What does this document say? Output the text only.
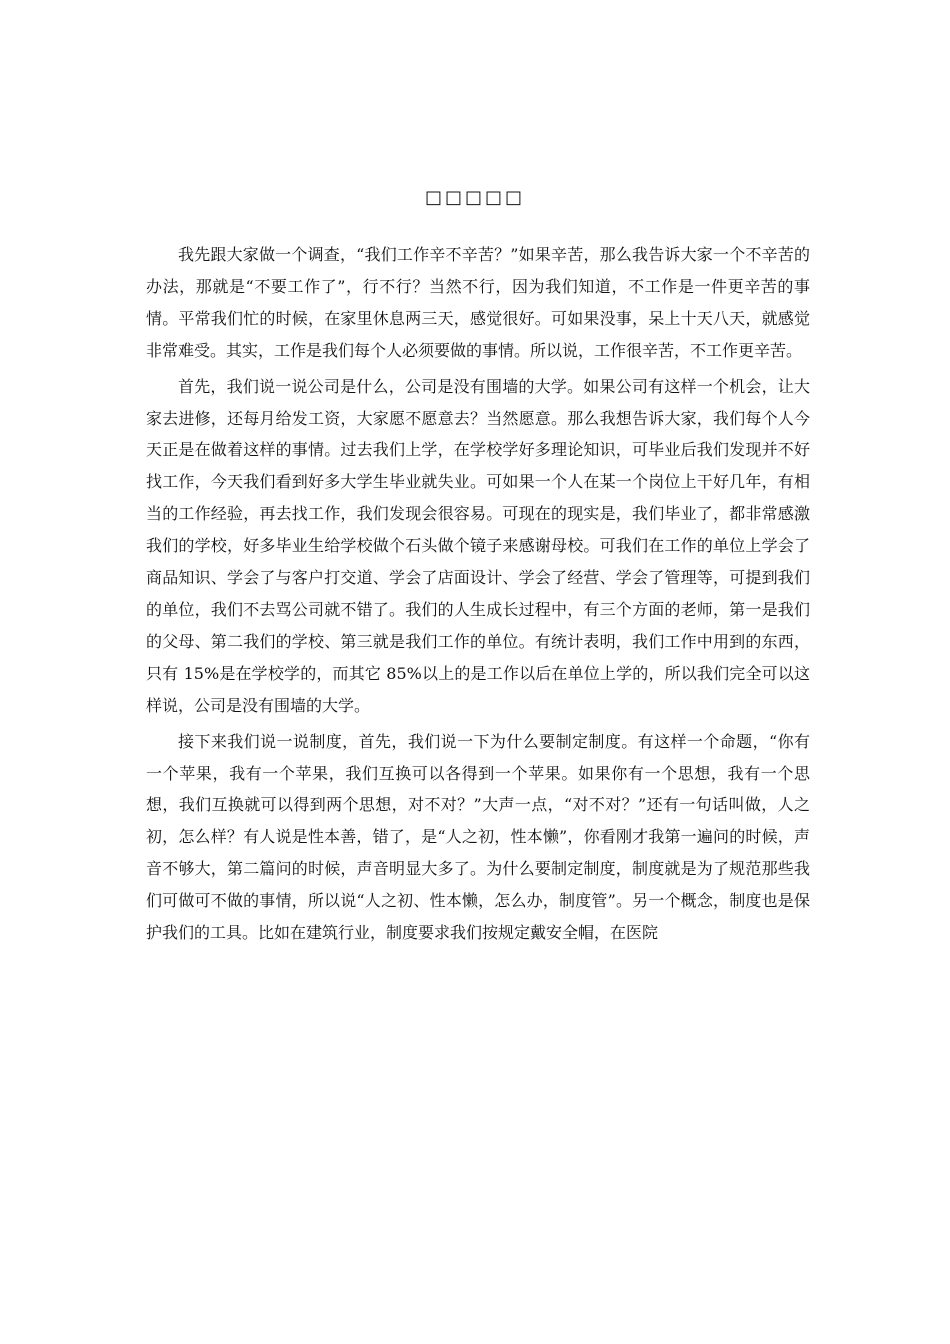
□□□□□

我先跟大家做一个调查，“我们工作辛不辛苦？”如果辛苦，那么我告诉大家一个不辛苦的办法，那就是“不要工作了”，行不行？当然不行，因为我们知道，不工作是一件更辛苦的事情。平常我们忙的时候，在家里休息两三天，感觉很好。可如果没事，呆上十天八天，就感觉非常难受。其实，工作是我们每个人必须要做的事情。所以说，工作很辛苦，不工作更辛苦。

首先，我们说一说公司是什么，公司是没有围墙的大学。如果公司有这样一个机会，让大家去进修，还每月给发工资，大家愿不愿意去？当然愿意。那么我想告诉大家，我们每个人今天正是在做着这样的事情。过去我们上学，在学校学好多理论知识，可毕业后我们发现并不好找工作，今天我们看到好多大学生毕业就失业。可如果一个人在某一个岗位上干好几年，有相当的工作经验，再去找工作，我们发现会很容易。可现在的现实是，我们毕业了，都非常感激我们的学校，好多毕业生给学校做个石头做个镜子来感谢母校。可我们在工作的单位上学会了商品知识、学会了与客户打交道、学会了店面设计、学会了经营、学会了管理等，可提到我们的单位，我们不去骂公司就不错了。我们的人生成长过程中，有三个方面的老师，第一是我们的父母、第二我们的学校、第三就是我们工作的单位。有统计表明，我们工作中用到的东西，只有 15%是在学校学的，而其它 85%以上的是工作以后在单位上学的，所以我们完全可以这样说，公司是没有围墙的大学。

接下来我们说一说制度，首先，我们说一下为什么要制定制度。有这样一个命题，“你有一个苹果，我有一个苹果，我们互换可以各得到一个苹果。如果你有一个思想，我有一个思想，我们互换就可以得到两个思想，对不对？”大声一点，“对不对？”还有一句话叫做，人之初，怎么样？有人说是性本善，错了，是“人之初，性本懒”，你看刚才我第一遍问的时候，声音不够大，第二篇问的时候，声音明显大多了。为什么要制定制度，制度就是为了规范那些我们可做可不做的事情，所以说“人之初、性本懒，怎么办，制度管”。另一个概念，制度也是保护我们的工具。比如在建筑行业，制度要求我们按规定戴安全帽，在医院
